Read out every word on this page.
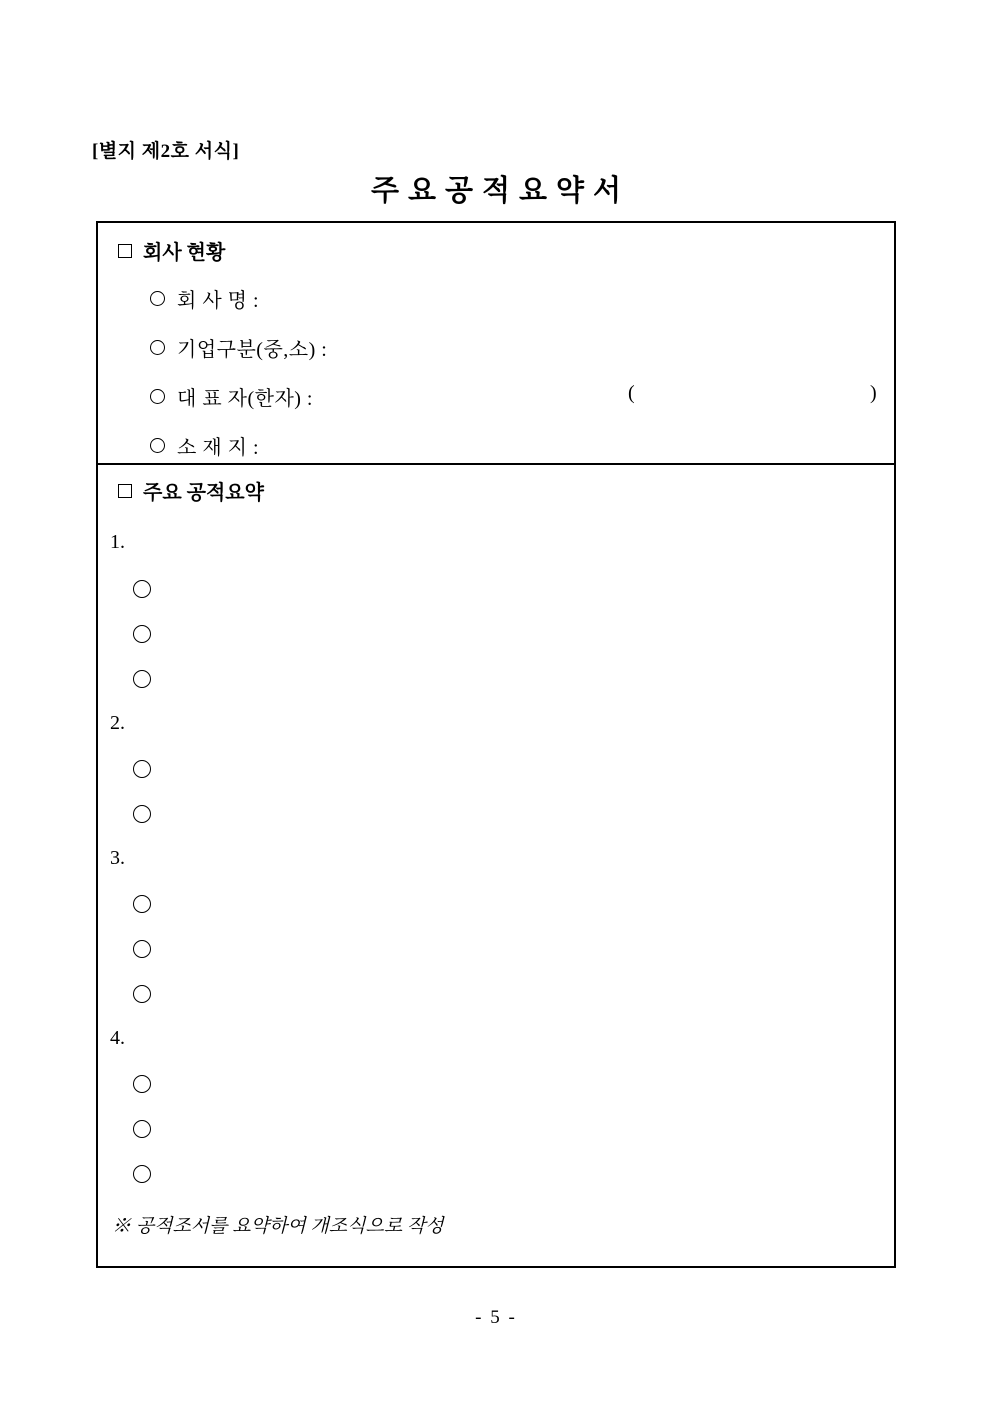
[별지 제2호 서식]
주요공적요약서
회사 현황
회 사 명 :
기업구분(중,소) :
대 표 자(한자) :	(	)
소 재 지 :
주요 공적요약
1.
2.
3.
4.
※ 공적조서를 요약하여 개조식으로 작성
- 5 -
